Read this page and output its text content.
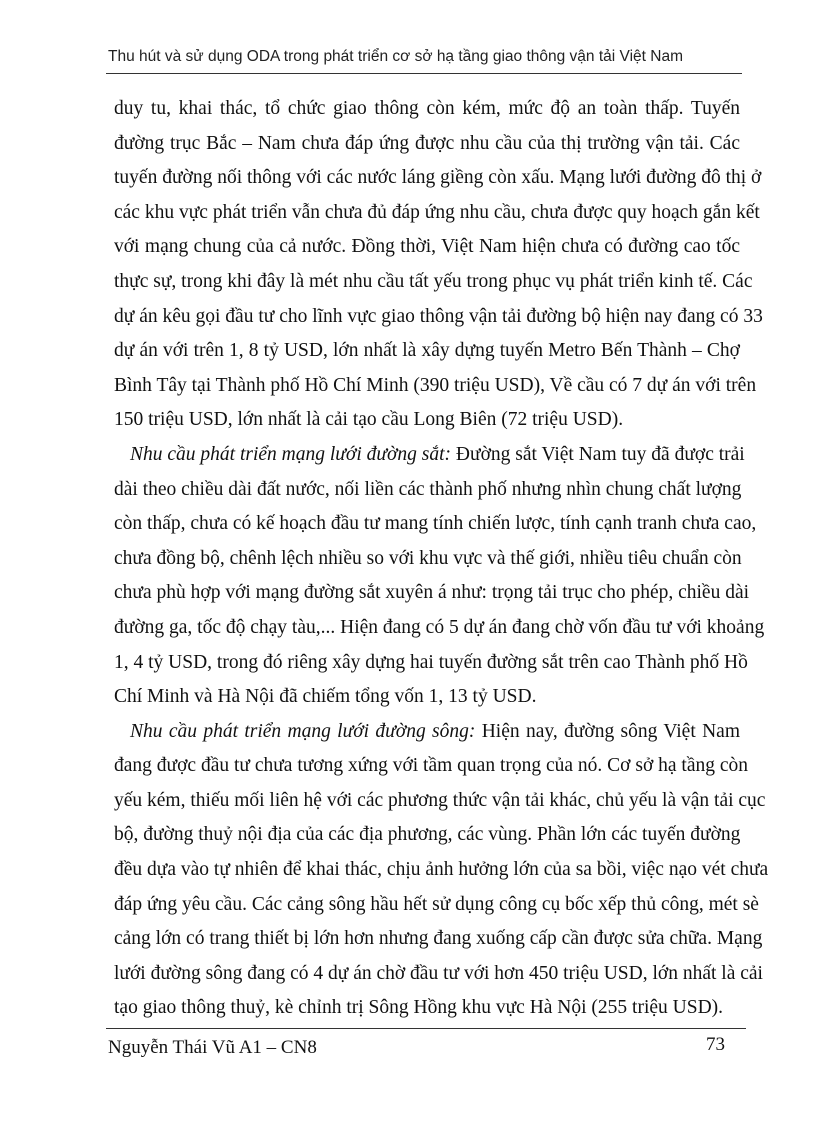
Thu hút và sử dụng ODA trong phát triển cơ sở hạ tầng giao thông vận tải Việt Nam
duy tu, khai thác, tổ chức giao thông còn kém, mức độ an toàn thấp. Tuyến
đường trục Bắc – Nam chưa đáp ứng được nhu cầu của thị trường vận tải. Các
tuyến đường nối thông với các nước láng giềng còn xấu. Mạng lưới đường đô thị ở
các khu vực phát triển vẫn chưa đủ đáp ứng nhu cầu, chưa được quy hoạch gắn kết
với mạng chung của cả nước. Đồng thời, Việt Nam hiện chưa có đường cao tốc
thực sự, trong khi đây là mét nhu cầu tất yếu trong phục vụ phát triển kinh tế. Các
dự án kêu gọi đầu tư cho lĩnh vực giao thông vận tải đường bộ hiện nay đang có 33
dự án với trên 1, 8 tỷ USD, lớn nhất là xây dựng tuyến Metro Bến Thành – Chợ
Bình Tây tại Thành phố Hồ Chí Minh (390 triệu USD), Về cầu có 7 dự án với trên
150 triệu USD, lớn nhất là cải tạo cầu Long Biên (72 triệu USD).
Nhu cầu phát triển mạng lưới đường sắt: Đường sắt Việt Nam tuy đã được trải
dài theo chiều dài đất nước, nối liền các thành phố nhưng nhìn chung chất lượng
còn thấp, chưa có kế hoạch đầu tư mang tính chiến lược, tính cạnh tranh chưa cao,
chưa đồng bộ, chênh lệch nhiều so với khu vực và thế giới, nhiều tiêu chuẩn còn
chưa phù hợp với mạng đường sắt xuyên á như: trọng tải trục cho phép, chiều dài
đường ga, tốc độ chạy tàu,... Hiện đang có 5 dự án đang chờ vốn đầu tư với khoảng
1, 4 tỷ USD, trong đó riêng xây dựng hai tuyến đường sắt trên cao Thành phố Hồ
Chí Minh và Hà Nội đã chiếm tổng vốn 1, 13 tỷ USD.
Nhu cầu phát triển mạng lưới đường sông: Hiện nay, đường sông Việt Nam
đang được đầu tư chưa tương xứng với tầm quan trọng của nó. Cơ sở hạ tầng còn
yếu kém, thiếu mối liên hệ với các phương thức vận tải khác, chủ yếu là vận tải cục
bộ, đường thuỷ nội địa của các địa phương, các vùng. Phần lớn các tuyến đường
đều dựa vào tự nhiên để khai thác, chịu ảnh hưởng lớn của sa bồi, việc nạo vét chưa
đáp ứng yêu cầu. Các cảng sông hầu hết sử dụng công cụ bốc xếp thủ công, mét sè
cảng lớn có trang thiết bị lớn hơn nhưng đang xuống cấp cần được sửa chữa. Mạng
lưới đường sông đang có 4 dự án chờ đầu tư với hơn 450 triệu USD, lớn nhất là cải
tạo giao thông thuỷ, kè chỉnh trị Sông Hồng khu vực Hà Nội (255 triệu USD).
Nguyễn Thái Vũ A1 – CN8	73
